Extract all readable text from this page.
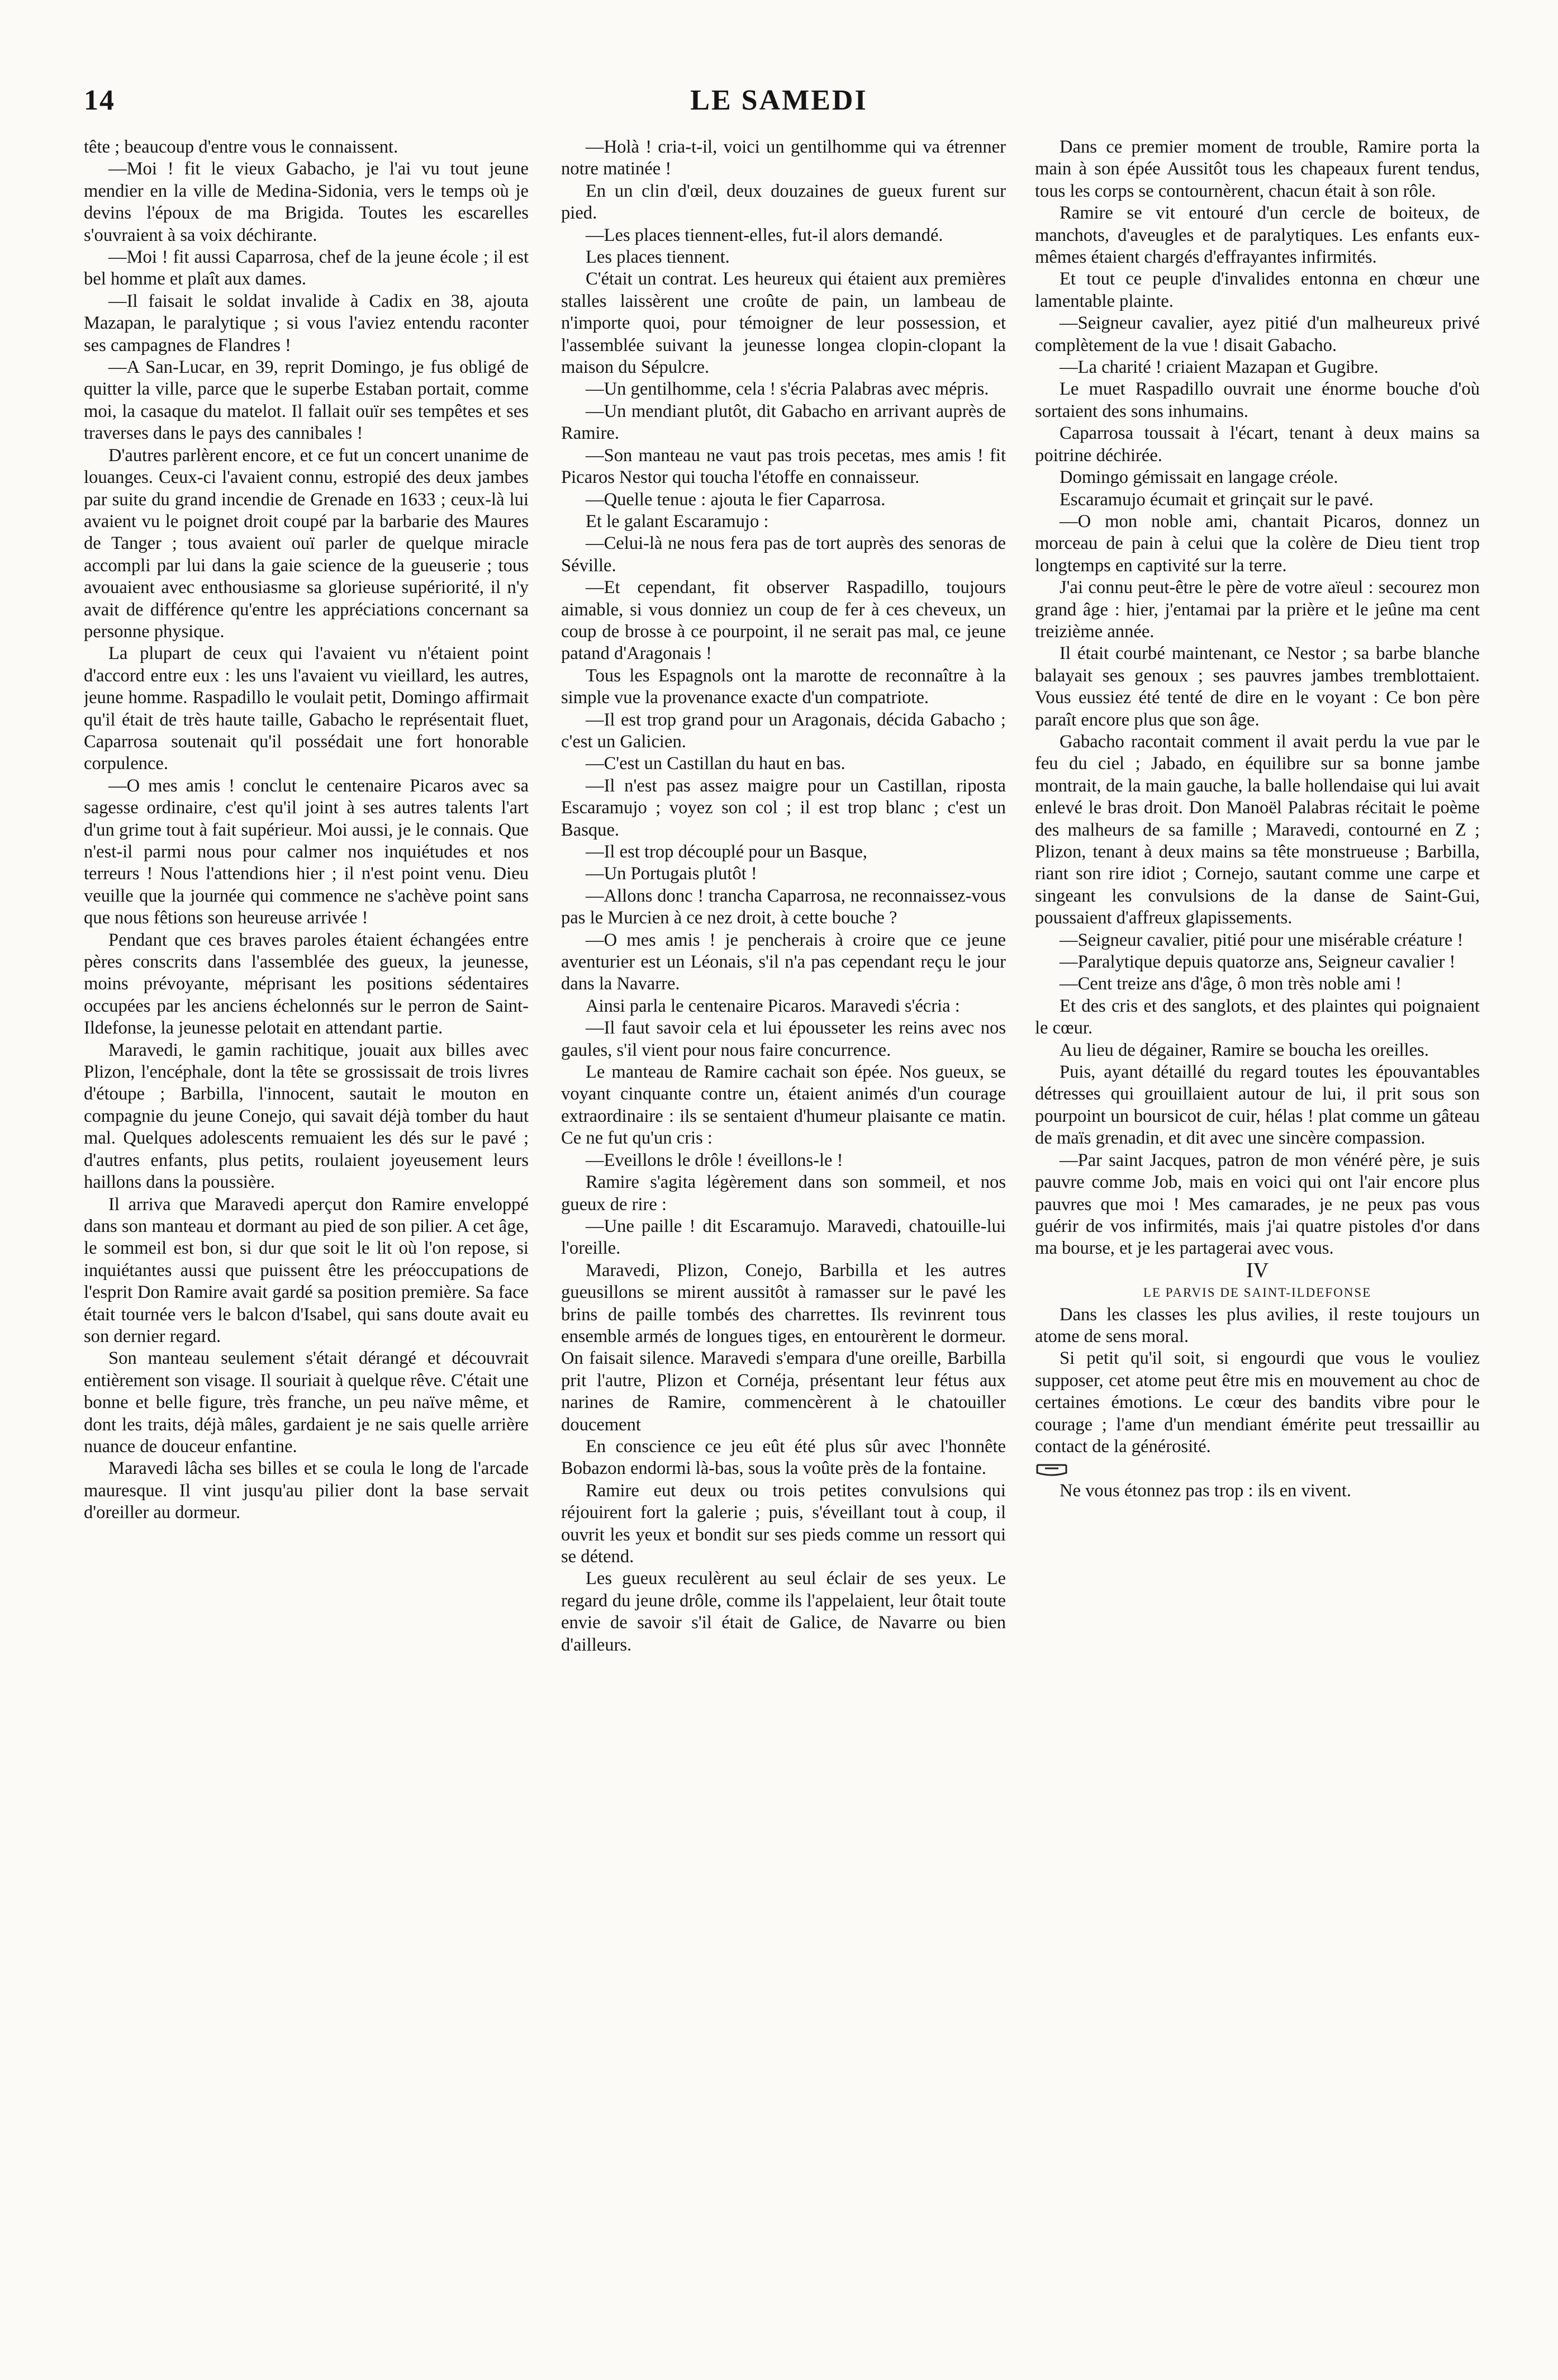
14	LE SAMEDI

tête ; beaucoup d'entre vous le connaissent.

—Moi ! fit le vieux Gabacho, je l'ai vu tout jeune mendier en la ville de Medina-Sidonia, vers le temps où je devins l'époux de ma Brigida. Toutes les escarelles s'ouvraient à sa voix déchirante.

—Moi ! fit aussi Caparrosa, chef de la jeune école ; il est bel homme et plaît aux dames.

—Il faisait le soldat invalide à Cadix en 38, ajouta Mazapan, le paralytique ; si vous l'aviez entendu raconter ses campagnes de Flandres !

—A San-Lucar, en 39, reprit Domingo, je fus obligé de quitter la ville, parce que le superbe Estaban portait, comme moi, la casaque du matelot. Il fallait ouïr ses tempêtes et ses traverses dans le pays des cannibales !

D'autres parlèrent encore, et ce fut un concert unanime de louanges. Ceux-ci l'avaient connu, estropié des deux jambes par suite du grand incendie de Grenade en 1633 ; ceux-là lui avaient vu le poignet droit coupé par la barbarie des Maures de Tanger ; tous avaient ouï parler de quelque miracle accompli par lui dans la gaie science de la gueuserie ; tous avouaient avec enthousiasme sa glorieuse supériorité, il n'y avait de différence qu'entre les appréciations concernant sa personne physique.

La plupart de ceux qui l'avaient vu n'étaient point d'accord entre eux : les uns l'avaient vu vieillard, les autres, jeune homme. Raspadillo le voulait petit, Domingo affirmait qu'il était de très haute taille, Gabacho le représentait fluet, Caparrosa soutenait qu'il possédait une fort honorable corpulence.

—O mes amis ! conclut le centenaire Picaros avec sa sagesse ordinaire, c'est qu'il joint à ses autres talents l'art d'un grime tout à fait supérieur. Moi aussi, je le connais. Que n'est-il parmi nous pour calmer nos inquiétudes et nos terreurs ! Nous l'attendions hier ; il n'est point venu. Dieu veuille que la journée qui commence ne s'achève point sans que nous fêtions son heureuse arrivée !

Pendant que ces braves paroles étaient échangées entre pères conscrits dans l'assemblée des gueux, la jeunesse, moins prévoyante, méprisant les positions sédentaires occupées par les anciens échelonnés sur le perron de Saint-Ildefonse, la jeunesse pelotait en attendant partie.

Maravedi, le gamin rachitique, jouait aux billes avec Plizon, l'encéphale, dont la tête se grossissait de trois livres d'étoupe ; Barbilla, l'innocent, sautait le mouton en compagnie du jeune Conejo, qui savait déjà tomber du haut mal. Quelques adolescents remuaient les dés sur le pavé ; d'autres enfants, plus petits, roulaient joyeusement leurs haillons dans la poussière.

Il arriva que Maravedi aperçut don Ramire enveloppé dans son manteau et dormant au pied de son pilier. A cet âge, le sommeil est bon, si dur que soit le lit où l'on repose, si inquiétantes aussi que puissent être les préoccupations de l'esprit Don Ramire avait gardé sa position première. Sa face était tournée vers le balcon d'Isabel, qui sans doute avait eu son dernier regard.

Son manteau seulement s'était dérangé et découvrait entièrement son visage. Il souriait à quelque rêve. C'était une bonne et belle figure, très franche, un peu naïve même, et dont les traits, déjà mâles, gardaient je ne sais quelle arrière nuance de douceur enfantine.

Maravedi lâcha ses billes et se coula le long de l'arcade mauresque. Il vint jusqu'au pilier dont la base servait d'oreiller au dormeur.

—Holà ! cria-t-il, voici un gentilhomme qui va étrenner notre matinée !

En un clin d'œil, deux douzaines de gueux furent sur pied.

—Les places tiennent-elles, fut-il alors demandé.

Les places tiennent.

C'était un contrat. Les heureux qui étaient aux premières stalles laissèrent une croûte de pain, un lambeau de n'importe quoi, pour témoigner de leur possession, et l'assemblée suivant la jeunesse longea clopin-clopant la maison du Sépulcre.

—Un gentilhomme, cela ! s'écria Palabras avec mépris.

—Un mendiant plutôt, dit Gabacho en arrivant auprès de Ramire.

—Son manteau ne vaut pas trois pecetas, mes amis ! fit Picaros Nestor qui toucha l'étoffe en connaisseur.

—Quelle tenue : ajouta le fier Caparrosa.

Et le galant Escaramujo :

—Celui-là ne nous fera pas de tort auprès des senoras de Séville.

—Et cependant, fit observer Raspadillo, toujours aimable, si vous donniez un coup de fer à ces cheveux, un coup de brosse à ce pourpoint, il ne serait pas mal, ce jeune patand d'Aragonais !

Tous les Espagnols ont la marotte de reconnaître à la simple vue la provenance exacte d'un compatriote.

—Il est trop grand pour un Aragonais, décida Gabacho ; c'est un Galicien.

—C'est un Castillan du haut en bas.

—Il n'est pas assez maigre pour un Castillan, riposta Escaramujo ; voyez son col ; il est trop blanc ; c'est un Basque.

—Il est trop découplé pour un Basque,

—Un Portugais plutôt !

—Allons donc ! trancha Caparrosa, ne reconnaissez-vous pas le Murcien à ce nez droit, à cette bouche ?

—O mes amis ! je pencherais à croire que ce jeune aventurier est un Léonais, s'il n'a pas cependant reçu le jour dans la Navarre.

Ainsi parla le centenaire Picaros. Maravedi s'écria :

—Il faut savoir cela et lui épousseter les reins avec nos gaules, s'il vient pour nous faire concurrence.

Le manteau de Ramire cachait son épée. Nos gueux, se voyant cinquante contre un, étaient animés d'un courage extraordinaire : ils se sentaient d'humeur plaisante ce matin. Ce ne fut qu'un cris :

—Eveillons le drôle ! éveillons-le !

Ramire s'agita légèrement dans son sommeil, et nos gueux de rire :

—Une paille ! dit Escaramujo. Maravedi, chatouille-lui l'oreille.

Maravedi, Plizon, Conejo, Barbilla et les autres gueusillons se mirent aussitôt à ramasser sur le pavé les brins de paille tombés des charrettes. Ils revinrent tous ensemble armés de longues tiges, en entourèrent le dormeur. On faisait silence. Maravedi s'empara d'une oreille, Barbilla prit l'autre, Plizon et Cornéja, présentant leur fétus aux narines de Ramire, commencèrent à le chatouiller doucement

En conscience ce jeu eût été plus sûr avec l'honnête Bobazon endormi là-bas, sous la voûte près de la fontaine.

Ramire eut deux ou trois petites convulsions qui réjouirent fort la galerie ; puis, s'éveillant tout à coup, il ouvrit les yeux et bondit sur ses pieds comme un ressort qui se détend.

Les gueux reculèrent au seul éclair de ses yeux. Le regard du jeune drôle, comme ils l'appelaient, leur ôtait toute envie de savoir s'il était de Galice, de Navarre ou bien d'ailleurs.

Dans ce premier moment de trouble, Ramire porta la main à son épée Aussitôt tous les chapeaux furent tendus, tous les corps se contournèrent, chacun était à son rôle.

Ramire se vit entouré d'un cercle de boiteux, de manchots, d'aveugles et de paralytiques. Les enfants eux-mêmes étaient chargés d'effrayantes infirmités.

Et tout ce peuple d'invalides entonna en chœur une lamentable plainte.

—Seigneur cavalier, ayez pitié d'un malheureux privé complètement de la vue ! disait Gabacho.

—La charité ! criaient Mazapan et Gugibre.

Le muet Raspadillo ouvrait une énorme bouche d'où sortaient des sons inhumains.

Caparrosa toussait à l'écart, tenant à deux mains sa poitrine déchirée.

Domingo gémissait en langage créole.

Escaramujo écumait et grinçait sur le pavé.

—O mon noble ami, chantait Picaros, donnez un morceau de pain à celui que la colère de Dieu tient trop longtemps en captivité sur la terre.

J'ai connu peut-être le père de votre aïeul : secourez mon grand âge : hier, j'entamai par la prière et le jeûne ma cent treizième année.

Il était courbé maintenant, ce Nestor ; sa barbe blanche balayait ses genoux ; ses pauvres jambes tremblottaient. Vous eussiez été tenté de dire en le voyant : Ce bon père paraît encore plus que son âge.

Gabacho racontait comment il avait perdu la vue par le feu du ciel ; Jabado, en équilibre sur sa bonne jambe montrait, de la main gauche, la balle hollendaise qui lui avait enlevé le bras droit. Don Manoël Palabras récitait le poème des malheurs de sa famille ; Maravedi, contourné en Z ; Plizon, tenant à deux mains sa tête monstrueuse ; Barbilla, riant son rire idiot ; Cornejo, sautant comme une carpe et singeant les convulsions de la danse de Saint-Gui, poussaient d'affreux glapissements.

—Seigneur cavalier, pitié pour une misérable créature !

—Paralytique depuis quatorze ans, Seigneur cavalier !

—Cent treize ans d'âge, ô mon très noble ami !

Et des cris et des sanglots, et des plaintes qui poignaient le cœur.

Au lieu de dégainer, Ramire se boucha les oreilles.

Puis, ayant détaillé du regard toutes les épouvantables détresses qui grouillaient autour de lui, il prit sous son pourpoint un boursicot de cuir, hélas ! plat comme un gâteau de maïs grenadin, et dit avec une sincère compassion.

—Par saint Jacques, patron de mon vénéré père, je suis pauvre comme Job, mais en voici qui ont l'air encore plus pauvres que moi ! Mes camarades, je ne peux pas vous guérir de vos infirmités, mais j'ai quatre pistoles d'or dans ma bourse, et je les partagerai avec vous.

IV

LE PARVIS DE SAINT-ILDEFONSE

Dans les classes les plus avilies, il reste toujours un atome de sens moral.

Si petit qu'il soit, si engourdi que vous le vouliez supposer, cet atome peut être mis en mouvement au choc de certaines émotions. Le cœur des bandits vibre pour le courage ; l'ame d'un mendiant émérite peut tressaillir au contact de la générosité.

Ne vous étonnez pas trop : ils en vivent.
